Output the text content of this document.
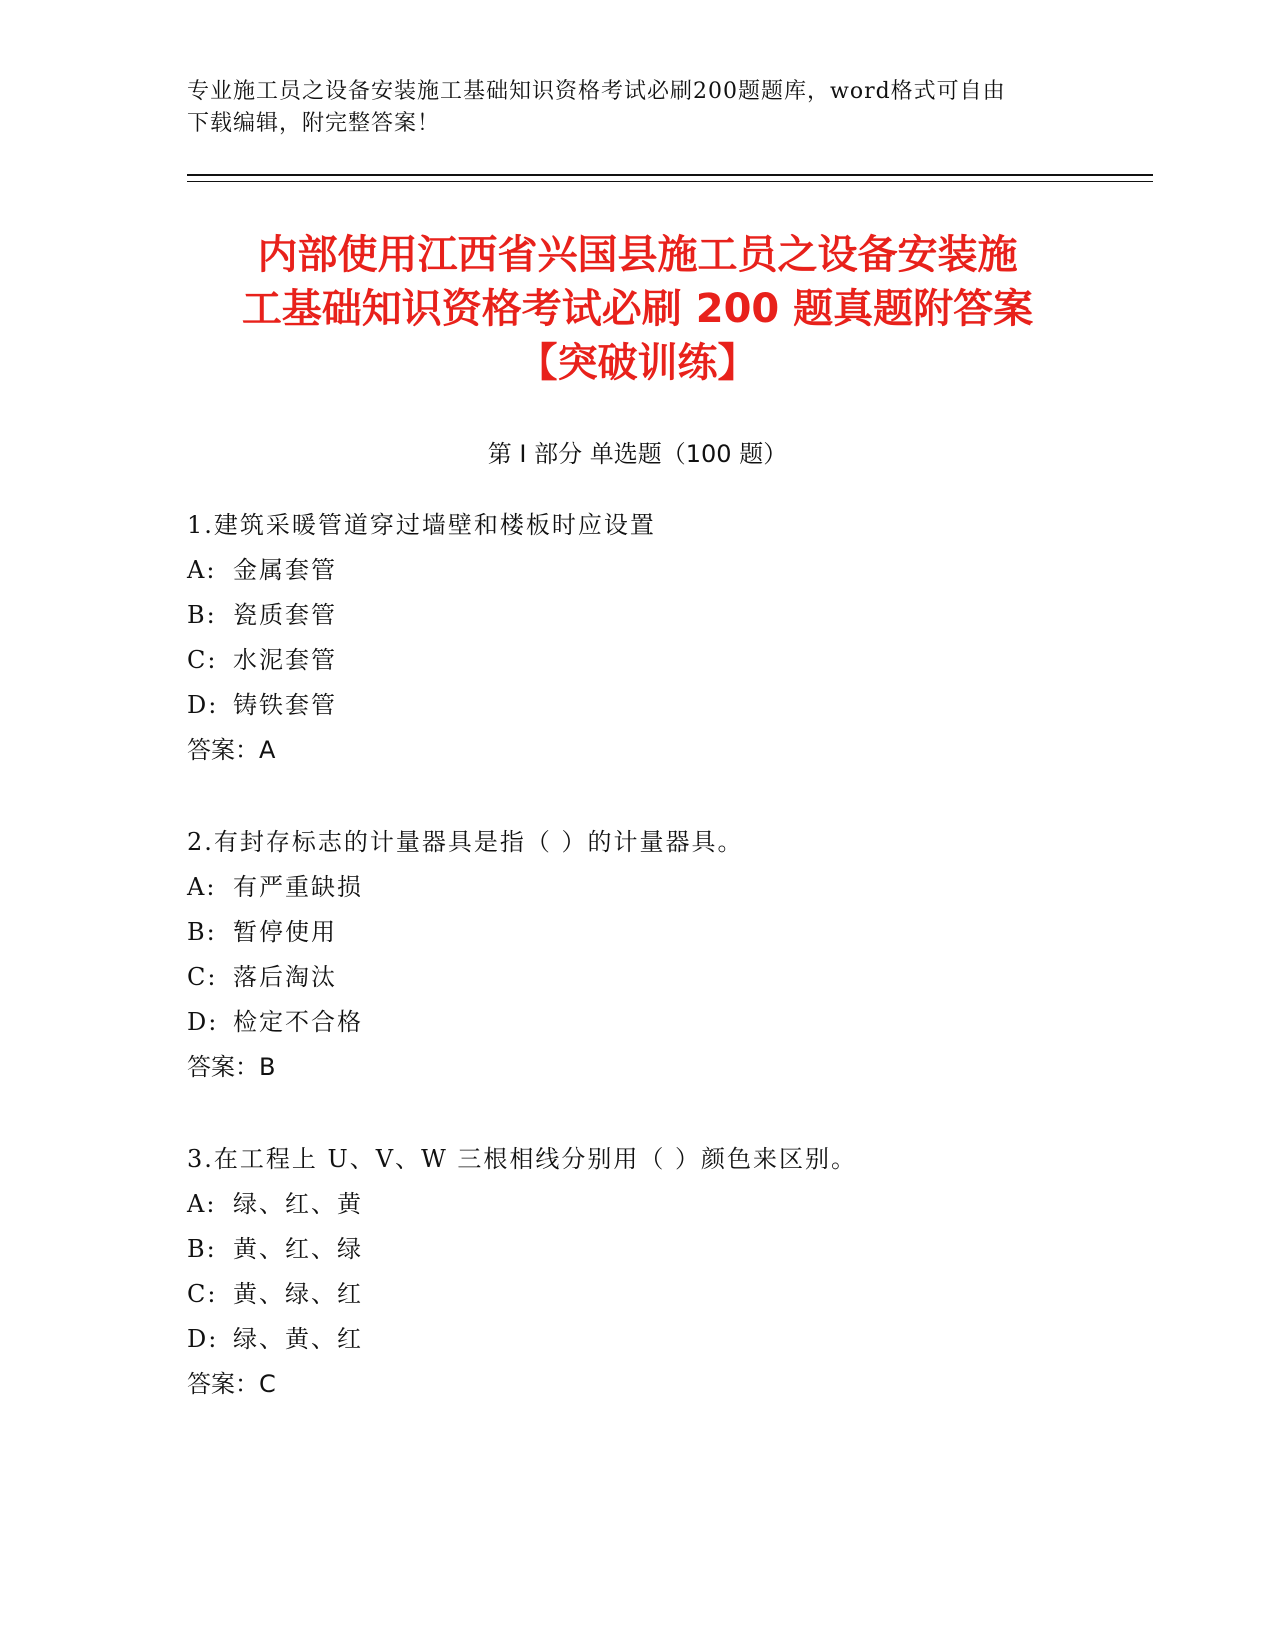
专业施工员之设备安装施工基础知识资格考试必刷200题题库，word格式可自由
下载编辑，附完整答案！
内部使用江西省兴国县施工员之设备安装施
工基础知识资格考试必刷 200 题真题附答案
【突破训练】
第 I 部分 单选题（100 题）
1.建筑采暖管道穿过墙壁和楼板时应设置
A: 金属套管
B: 瓷质套管
C: 水泥套管
D: 铸铁套管
答案：A
2.有封存标志的计量器具是指（ ）的计量器具。
A: 有严重缺损
B: 暂停使用
C: 落后淘汰
D: 检定不合格
答案：B
3.在工程上 U、V、W 三根相线分别用（ ）颜色来区别。
A: 绿、红、黄
B: 黄、红、绿
C: 黄、绿、红
D: 绿、黄、红
答案：C
